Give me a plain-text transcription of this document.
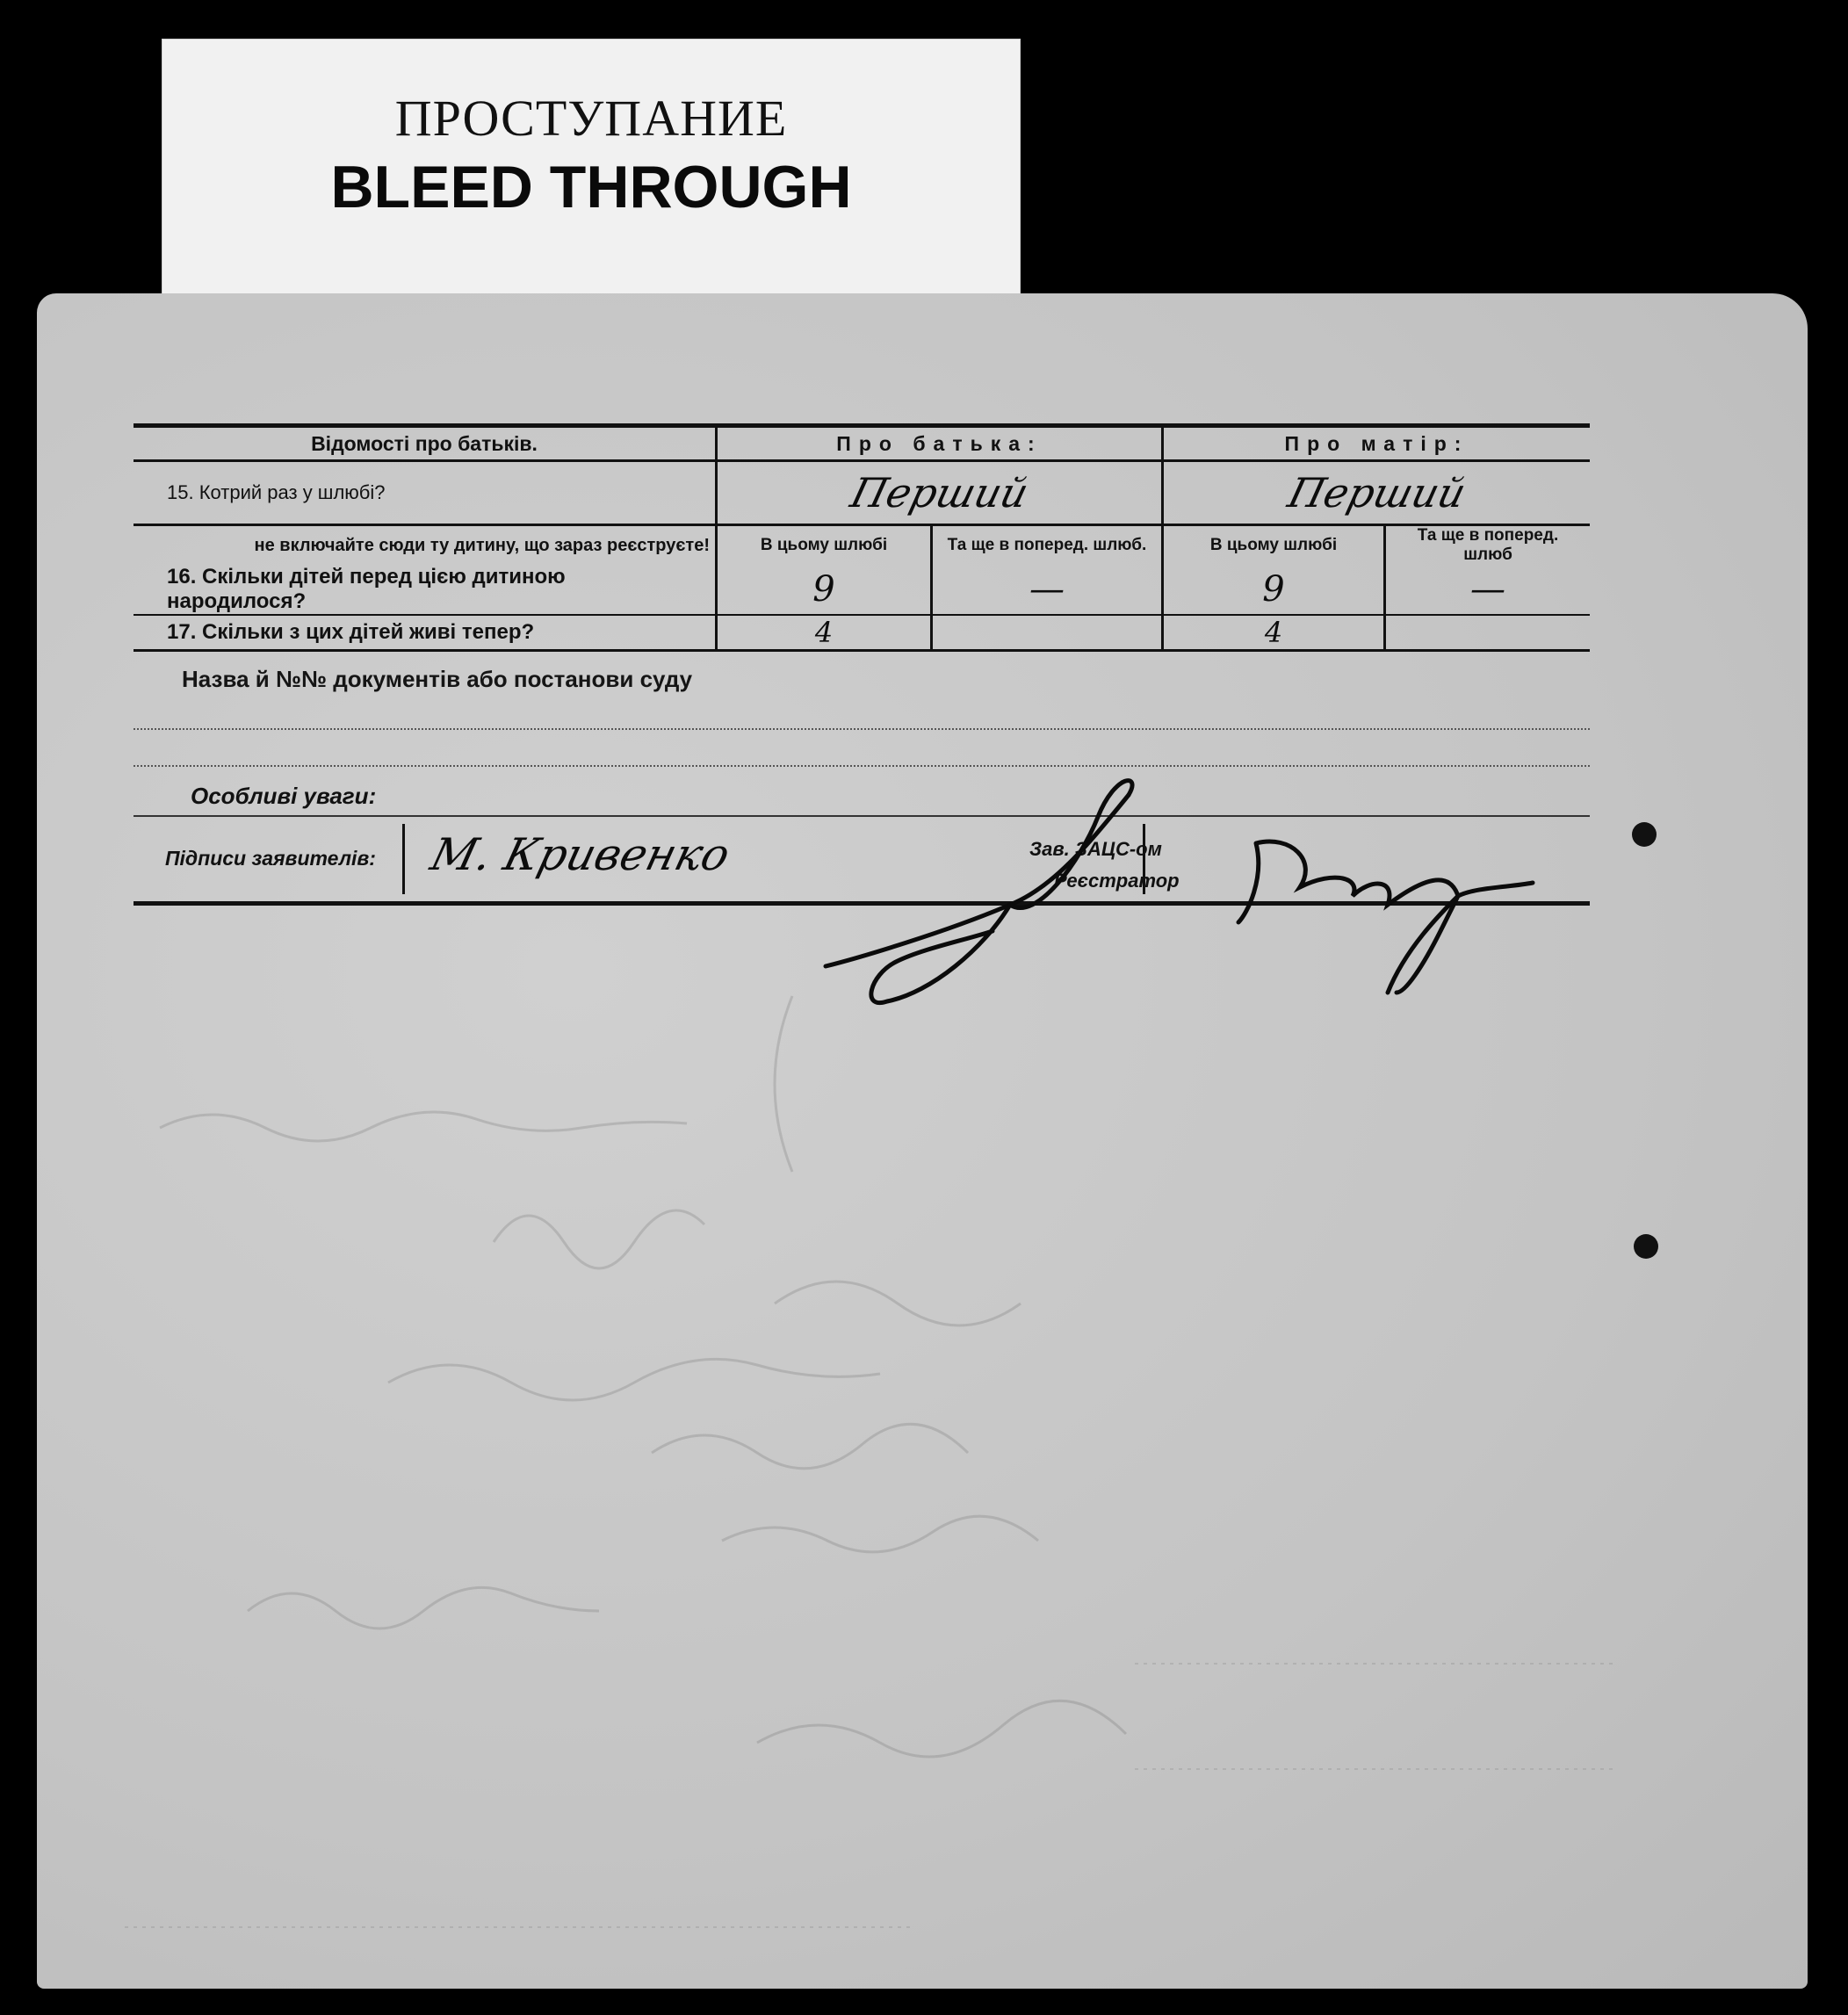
ПРОСТУПАНИЕ
BLEED THROUGH
Відомості про батьків.	Про батька:		Про матір:	
15. Котрий раз у шлюбі?	Перший		Перший	
не включайте сюди ту дитину, що зараз реєструєте!	В цьому шлюбі	Та ще в поперед. шлюб.	В цьому шлюбі	Та ще в поперед. шлюб
16. Скільки дітей перед цією дитиною народилося?	9	—	9	—
17. Скільки з цих дітей живі тепер?	4		4	
Назва й №№ документів або постанови суду
Особливі уваги:
Підписи заявителів: М. Кривенко	Зав. ЗАЦС-ом
Реєстратор
